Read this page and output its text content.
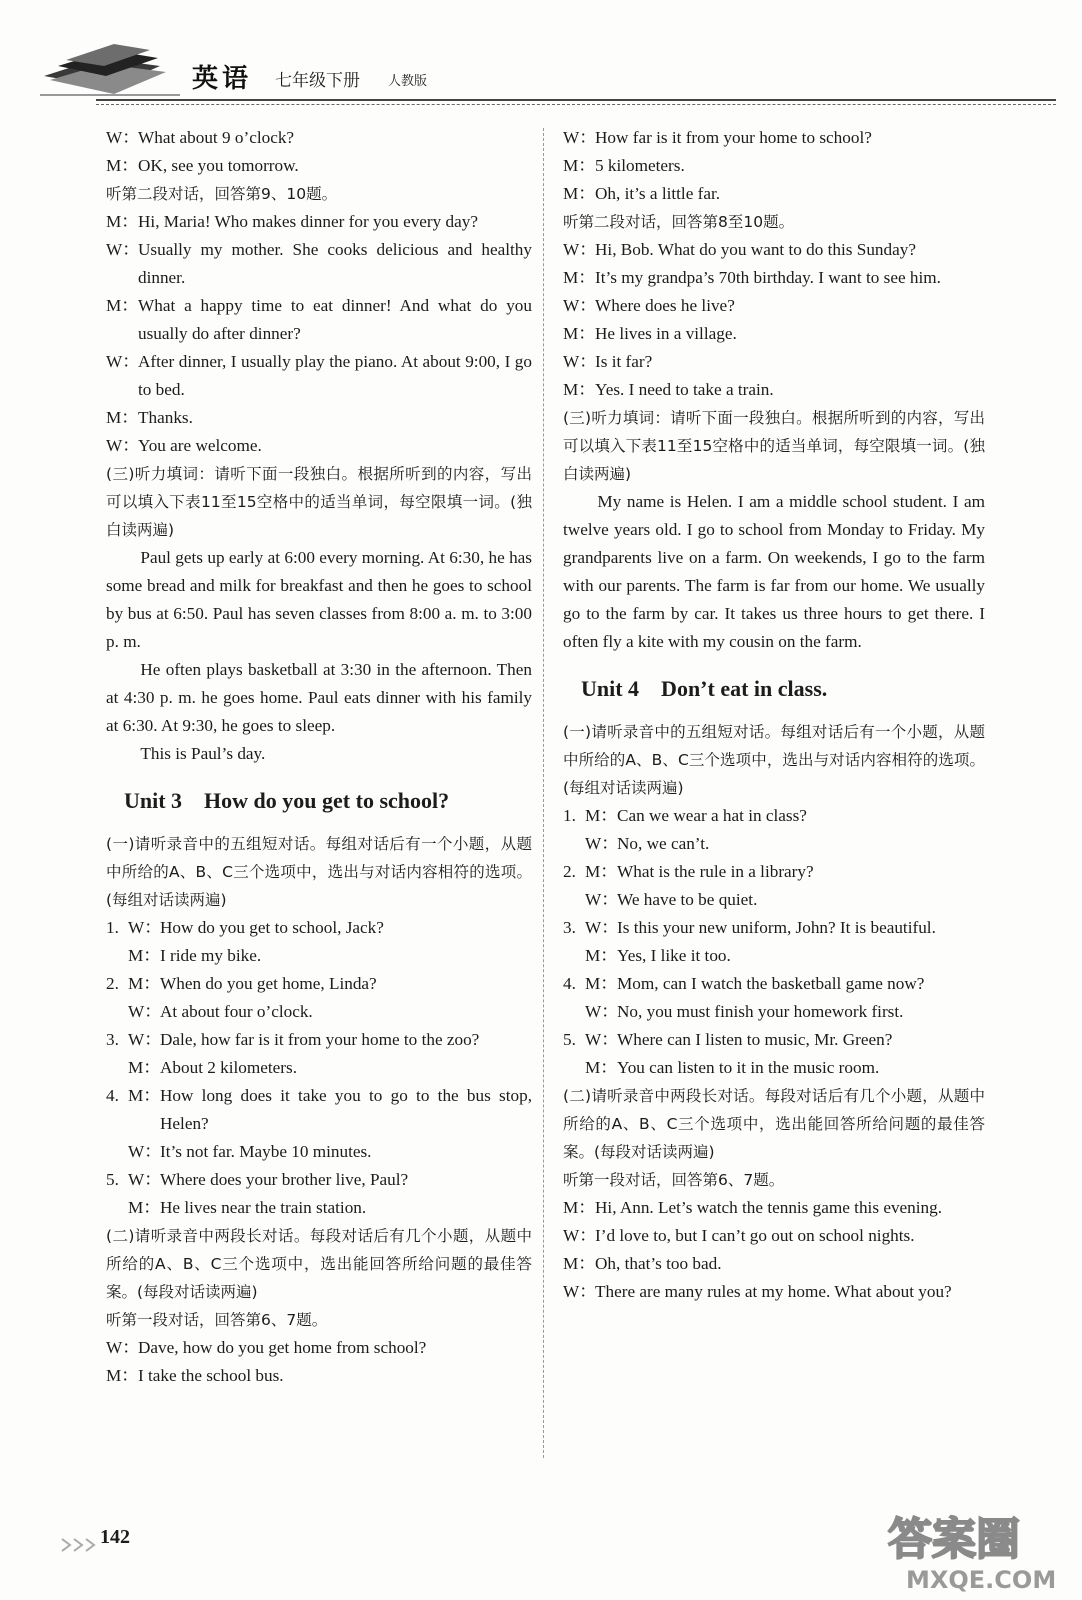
英语 七年级下册 人教版
W：
What about 9 o’clock?
M： OK, see you tomorrow.
听第二段对话，回答第9、10题。
M： Hi, Maria! Who makes dinner for you every day?
W：
Usually my mother. She cooks delicious and healthy dinner.
M： What a happy time to eat dinner! And what do you usually do after dinner?
W：
After dinner, I usually play the piano. At about 9:00, I go to bed.
M： Thanks.
W：
You are welcome.
(三)听力填词：请听下面一段独白。根据所听到的内容，写出可以填入下表11至15空格中的适当单词，每空限填一词。(独白读两遍)
Paul gets up early at 6:00 every morning. At 6:30, he has some bread and milk for breakfast and then he goes to school by bus at 6:50. Paul has seven classes from 8:00 a. m. to 3:00 p. m.
He often plays basketball at 3:30 in the afternoon. Then at 4:30 p. m. he goes home. Paul eats dinner with his family at 6:30. At 9:30, he goes to sleep.
This is Paul’s day.
Unit 3　How do you get to school?
(一)请听录音中的五组短对话。每组对话后有一个小题，从题中所给的A、B、C三个选项中，选出与对话内容相符的选项。(每组对话读两遍)
1. W：
How do you get to school, Jack?
M： I ride my bike.
2. M： When do you get home, Linda?
W：
At about four o’clock.
3. W：
Dale, how far is it from your home to the zoo?
M： About 2 kilometers.
4. M： How long does it take you to go to the bus stop, Helen?
W：
It’s not far. Maybe 10 minutes.
5. W：
Where does your brother live, Paul?
M： He lives near the train station.
(二)请听录音中两段长对话。每段对话后有几个小题，从题中所给的A、B、C三个选项中，选出能回答所给问题的最佳答案。(每段对话读两遍)
听第一段对话，回答第6、7题。
W：
Dave, how do you get home from school?
M： I take the school bus.
W：
How far is it from your home to school?
M： 5 kilometers.
M： Oh, it’s a little far.
听第二段对话，回答第8至10题。
W：
Hi, Bob. What do you want to do this Sunday?
M： It’s my grandpa’s 70th birthday. I want to see him.
W：
Where does he live?
M： He lives in a village.
W：
Is it far?
M： Yes. I need to take a train.
(三)听力填词：请听下面一段独白。根据所听到的内容，写出可以填入下表11至15空格中的适当单词，每空限填一词。(独白读两遍)
My name is Helen. I am a middle school student. I am twelve years old. I go to school from Monday to Friday. My grandparents live on a farm. On weekends, I go to the farm with our parents. The farm is far from our home. We usually go to the farm by car. It takes us three hours to get there. I often fly a kite with my cousin on the farm.
Unit 4　Don’t eat in class.
(一)请听录音中的五组短对话。每组对话后有一个小题，从题中所给的A、B、C三个选项中，选出与对话内容相符的选项。(每组对话读两遍)
1. M： Can we wear a hat in class?
W：
No, we can’t.
2. M： What is the rule in a library?
W：
We have to be quiet.
3. W：
Is this your new uniform, John? It is beautiful.
M： Yes, I like it too.
4. M： Mom, can I watch the basketball game now?
W：
No, you must finish your homework first.
5. W：
Where can I listen to music, Mr. Green?
M： You can listen to it in the music room.
(二)请听录音中两段长对话。每段对话后有几个小题，从题中所给的A、B、C三个选项中，选出能回答所给问题的最佳答案。(每段对话读两遍)
听第一段对话，回答第6、7题。
M： Hi, Ann. Let’s watch the tennis game this evening.
W：
I’d love to, but I can’t go out on school nights.
M： Oh, that’s too bad.
W：
There are many rules at my home. What about you?
142	答案圈
MXQE.COM
